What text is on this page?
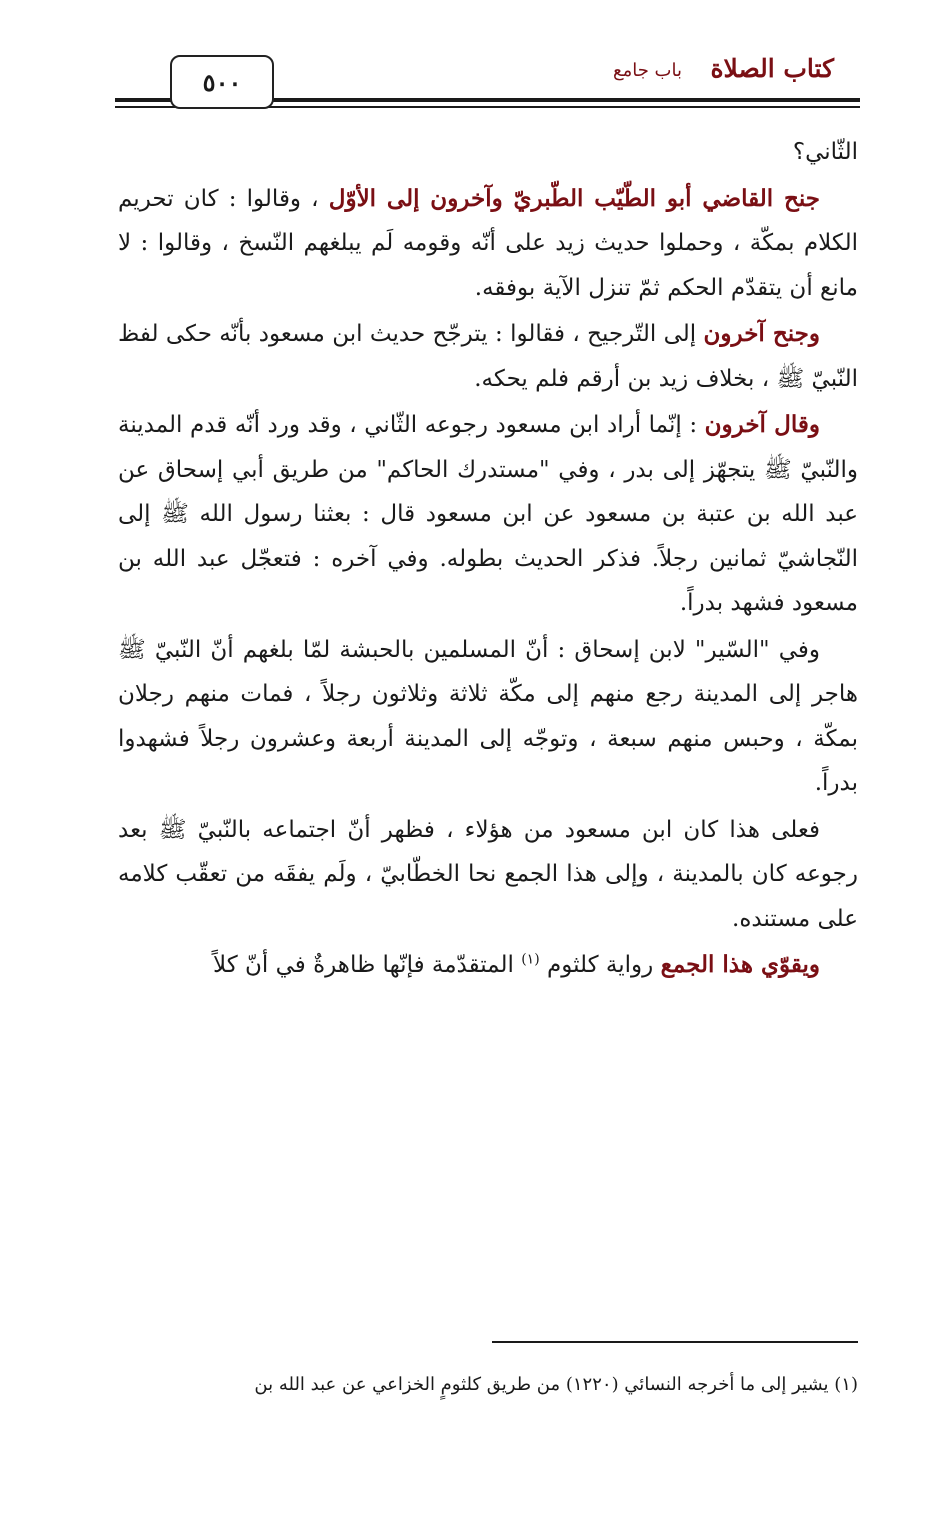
٥٠٠	كتاب الصلاة
باب جامع

الثّاني؟

جنح القاضي أبو الطّيّب الطّبريّ وآخرون إلى الأوّل ، وقالوا : كان تحريم الكلام بمكّة ، وحملوا حديث زيد على أنّه وقومه لَم يبلغهم النّسخ ، وقالوا : لا مانع أن يتقدّم الحكم ثمّ تنزل الآية بوفقه.

وجنح آخرون إلى التّرجيح ، فقالوا : يترجّح حديث ابن مسعود بأنّه حكى لفظ النّبيّ ﷺ ، بخلاف زيد بن أرقم فلم يحكه.

وقال آخرون : إنّما أراد ابن مسعود رجوعه الثّاني ، وقد ورد أنّه قدم المدينة والنّبيّ ﷺ يتجهّز إلى بدر ، وفي "مستدرك الحاكم" من طريق أبي إسحاق عن عبد الله بن عتبة بن مسعود عن ابن مسعود قال : بعثنا رسول الله ﷺ إلى النّجاشيّ ثمانين رجلاً. فذكر الحديث بطوله. وفي آخره : فتعجّل عبد الله بن مسعود فشهد بدراً.

وفي "السّير" لابن إسحاق : أنّ المسلمين بالحبشة لمّا بلغهم أنّ النّبيّ ﷺ هاجر إلى المدينة رجع منهم إلى مكّة ثلاثة وثلاثون رجلاً ، فمات منهم رجلان بمكّة ، وحبس منهم سبعة ، وتوجّه إلى المدينة أربعة وعشرون رجلاً فشهدوا بدراً.

فعلى هذا كان ابن مسعود من هؤلاء ، فظهر أنّ اجتماعه بالنّبيّ ﷺ بعد رجوعه كان بالمدينة ، وإلى هذا الجمع نحا الخطّابيّ ، ولَم يفقَه من تعقّب كلامه على مستنده.

ويقوّي هذا الجمع رواية كلثوم $^{(١)}$ المتقدّمة فإنّها ظاهرةٌ في أنّ كلاً

(١) يشير إلى ما أخرجه النسائي (١٢٢٠) من طريق كلثومٍ الخزاعي عن عبد الله بن
